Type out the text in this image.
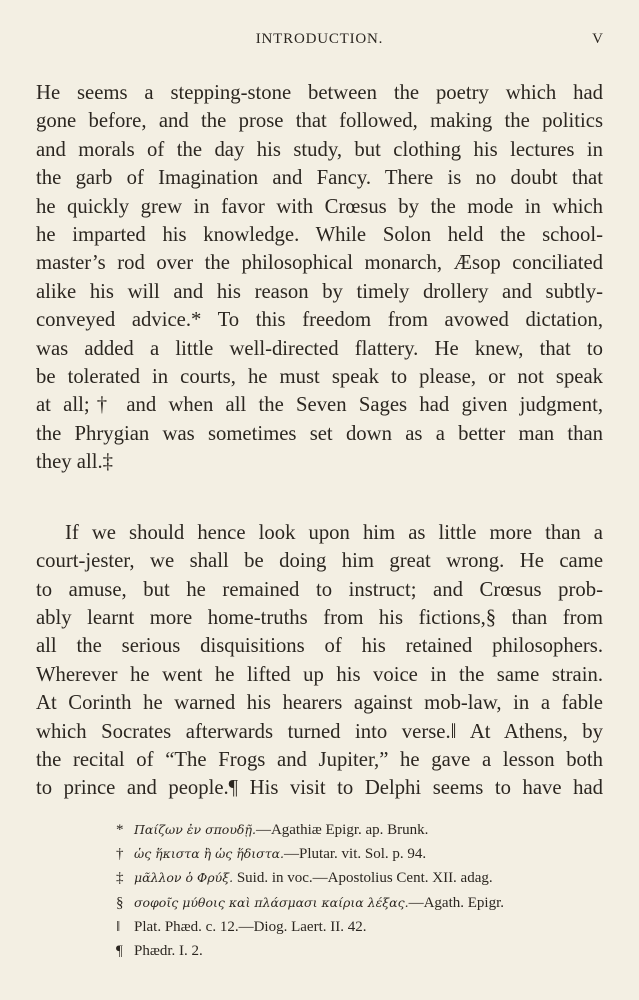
INTRODUCTION.	V
He seems a stepping-stone between the poetry which had
gone before, and the prose that followed, making the politics
and morals of the day his study, but clothing his lectures in
the garb of Imagination and Fancy. There is no doubt that
he quickly grew in favor with Crœsus by the mode in which
he imparted his knowledge. While Solon held the school-
master’s rod over the philosophical monarch, Æsop conciliated
alike his will and his reason by timely drollery and subtly-
conveyed advice.* To this freedom from avowed dictation,
was added a little well-directed flattery. He knew, that to
be tolerated in courts, he must speak to please, or not speak
at all;† and when all the Seven Sages had given judgment,
the Phrygian was sometimes set down as a better man than
they all.‡
If we should hence look upon him as little more than a
court-jester, we shall be doing him great wrong. He came
to amuse, but he remained to instruct; and Crœsus prob-
ably learnt more home-truths from his fictions,§ than from
all the serious disquisitions of his retained philosophers.
Wherever he went he lifted up his voice in the same strain.
At Corinth he warned his hearers against mob-law, in a fable
which Socrates afterwards turned into verse.‖ At Athens, by
the recital of “The Frogs and Jupiter,” he gave a lesson both
to prince and people.¶ His visit to Delphi seems to have had
* Παίζων ἐν σπουδῇ.—Agathiæ Epigr. ap. Brunk.
† ὡς ἥκιστα ἢ ὡς ἥδιστα.—Plutar. vit. Sol. p. 94.
‡ μᾶλλον ὁ Φρύξ. Suid. in voc.—Apostolius Cent. XII. adag.
§ σοφοῖς μύθοις καὶ πλάσμασι καίρια λέξας.—Agath. Epigr.
‖ Plat. Phæd. c. 12.—Diog. Laert. II. 42.
¶ Phædr. I. 2.
